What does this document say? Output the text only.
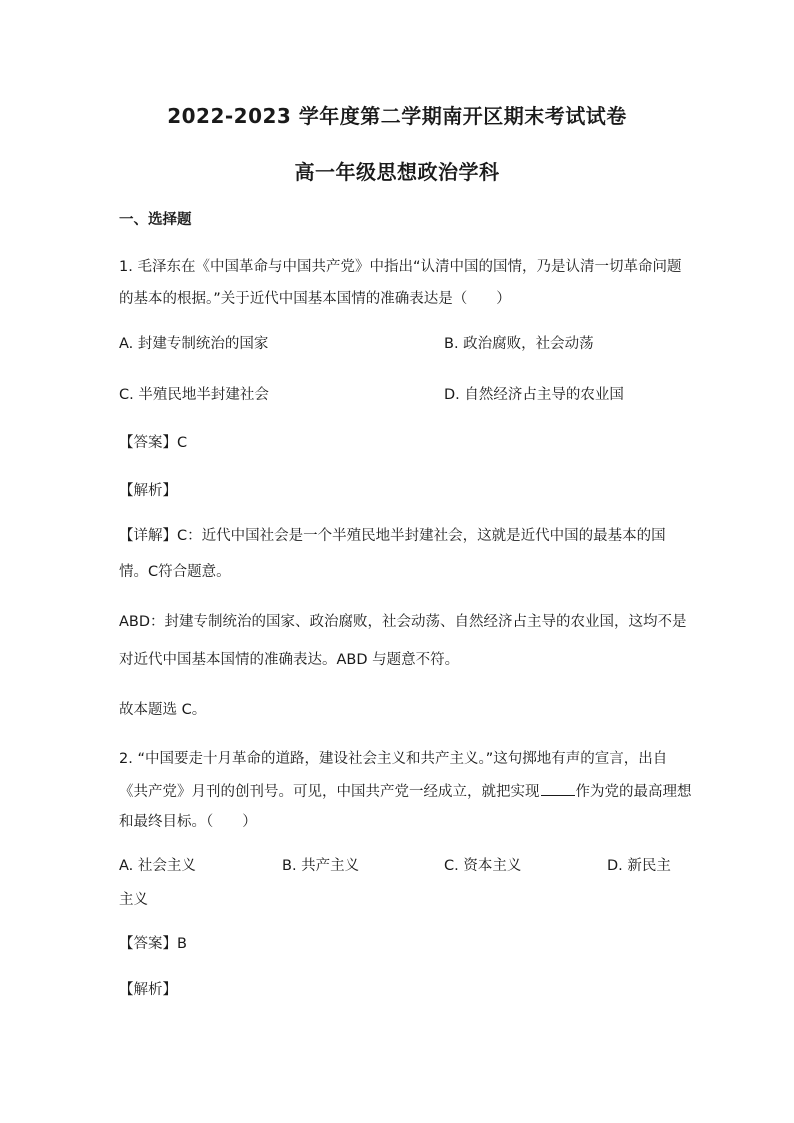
2022-2023 学年度第二学期南开区期末考试试卷
高一年级思想政治学科
一、选择题
1. 毛泽东在《中国革命与中国共产党》中指出“认清中国的国情，乃是认清一切革命问题
的基本的根据。”关于近代中国基本国情的准确表达是（　　）
A. 封建专制统治的国家	B. 政治腐败，社会动荡
C. 半殖民地半封建社会	D. 自然经济占主导的农业国
【答案】C
【解析】
【详解】C：近代中国社会是一个半殖民地半封建社会，这就是近代中国的最基本的国
情。C符合题意。
ABD：封建专制统治的国家、政治腐败，社会动荡、自然经济占主导的农业国，这均不是
对近代中国基本国情的准确表达。ABD 与题意不符。
故本题选 C。
2. “中国要走十月革命的道路，建设社会主义和共产主义。”这句掷地有声的宣言，出自
《共产党》月刊的创刊号。可见，中国共产党一经成立，就把实现 作为党的最高理想
和最终目标。（　　）
A. 社会主义	B. 共产主义	C. 资本主义	D. 新民主
主义
【答案】B
【解析】
